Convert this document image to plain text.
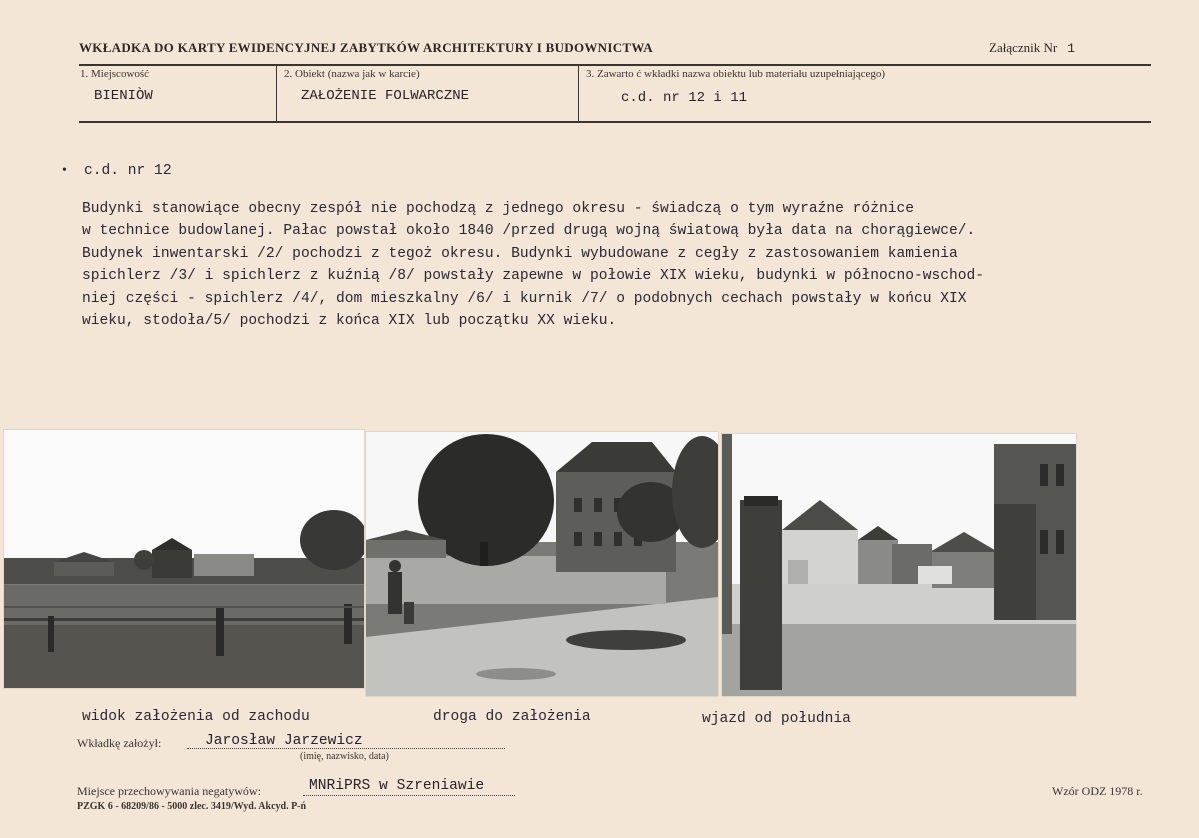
WKŁADKA DO KARTY EWIDENCYJNEJ ZABYTKÓW ARCHITEKTURY I BUDOWNICTWA	Załącznik Nr 1
1. Miejscowość
BIENIÒW
2. Obiekt (nazwa jak w karcie)
ZAŁOŻENIE FOLWARCZNE
3. Zawarto ć wkładki nazwa obiektu lub materiału uzupełniającego)
c.d. nr 12 i 11
• c.d. nr 12
Budynki stanowiące obecny zespół nie pochodzą z jednego okresu - świadczą o tym wyraźne różnice
w technice budowlanej. Pałac powstał około 1840 /przed drugą wojną światową była data na chorągiewce/.
Budynek inwentarski /2/ pochodzi z tegoż okresu. Budynki wybudowane z cegły z zastosowaniem kamienia
spichlerz /3/ i spichlerz z kuźnią /8/ powstały zapewne w połowie XIX wieku, budynki w północno-wschod-
niej części - spichlerz /4/, dom mieszkalny /6/ i kurnik /7/ o podobnych cechach powstały w końcu XIX
wieku, stodoła/5/ pochodzi z końca XIX lub początku XX wieku.
widok założenia od zachodu	droga do założenia	wjazd od południa
Wkładkę założył:	Jarosław Jarzewicz
(imię, nazwisko, data)
Miejsce przechowywania negatywów:	MNRiPRS w Szreniawie
PZGK 6 - 68209/86 - 5000 zlec. 3419/Wyd. Akcyd. P-ń
Wzór ODZ 1978 r.
